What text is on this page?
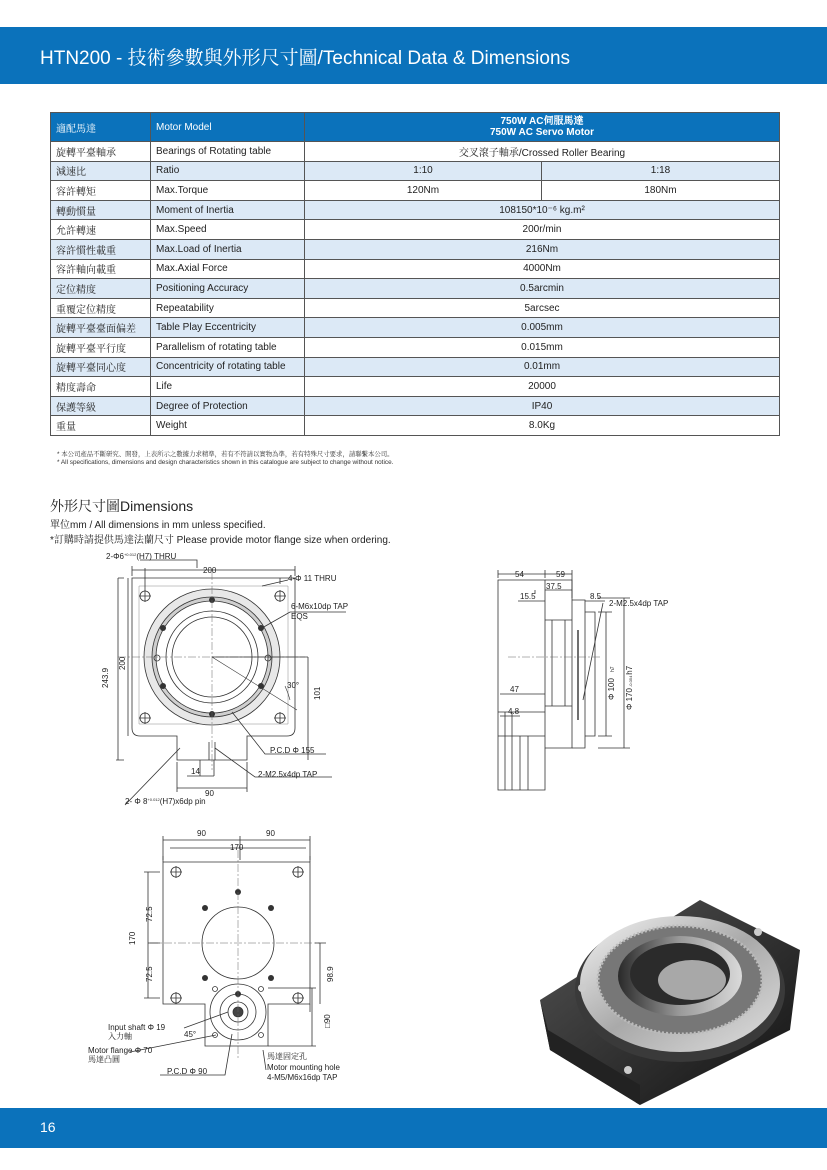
HTN200 - 技術參數與外形尺寸圖/Technical Data & Dimensions
適配馬達	Motor Model	750W AC伺服馬達
750W AC Servo Motor	

旋轉平臺軸承	Bearings of Rotating table	交叉滾子軸承/Crossed Roller Bearing	
減速比	Ratio	1:10	1:18
容許轉矩	Max.Torque	120Nm	180Nm
轉動慣量	Moment of Inertia	108150*10⁻⁶ kg.m²	
允許轉速	Max.Speed	200r/min	
容許慣性載重	Max.Load of Inertia	216Nm	
容許軸向載重	Max.Axial Force	4000Nm	
定位精度	Positioning Accuracy	0.5arcmin	
重覆定位精度	Repeatability	5arcsec	
旋轉平臺臺面偏差	Table Play Eccentricity	0.005mm	
旋轉平臺平行度	Parallelism of rotating table	0.015mm	
旋轉平臺同心度	Concentricity of rotating table	0.01mm	
精度壽命	Life	20000	
保護等級	Degree of Protection	IP40	
重量	Weight	8.0Kg	
* 本公司產品不斷研究、開發，上表所示之數據力求精準，若有不符請以實物為準，若有特殊尺寸要求，請聯繫本公司。
* All specifications, dimensions and design characteristics shown in this catalogue are subject to change without notice.
外形尺寸圖Dimensions
單位mm / All dimensions in mm unless specified.
*訂購時請提供馬達法蘭尺寸 Please provide motor flange size when ordering.
$2-\Phi 6^{+0.012}(H7)$ THRU
200
4-Φ 11 THRU
6-M6x10dp TAP
EQS
200
243.9	30°
101
P.C.D Φ 155
14	2-M2.5x4dp TAP
90
2- Φ $8^{+0.012}(H7)x6dp$ pin
54	59
37.5
15.5	8.5
2-M2.5x4dp TAP
47
4.8
Φ 100h7
Φ 170-0.054h7
90	90
170
170
72.5
72.5	98.9
□90
Input shaft Φ 19
入力軸	45°
Motor flange Φ 70
馬達凸圓
P.C.D Φ 90
馬達固定孔
Motor mounting hole
4-M5/M6x16dp TAP
16
